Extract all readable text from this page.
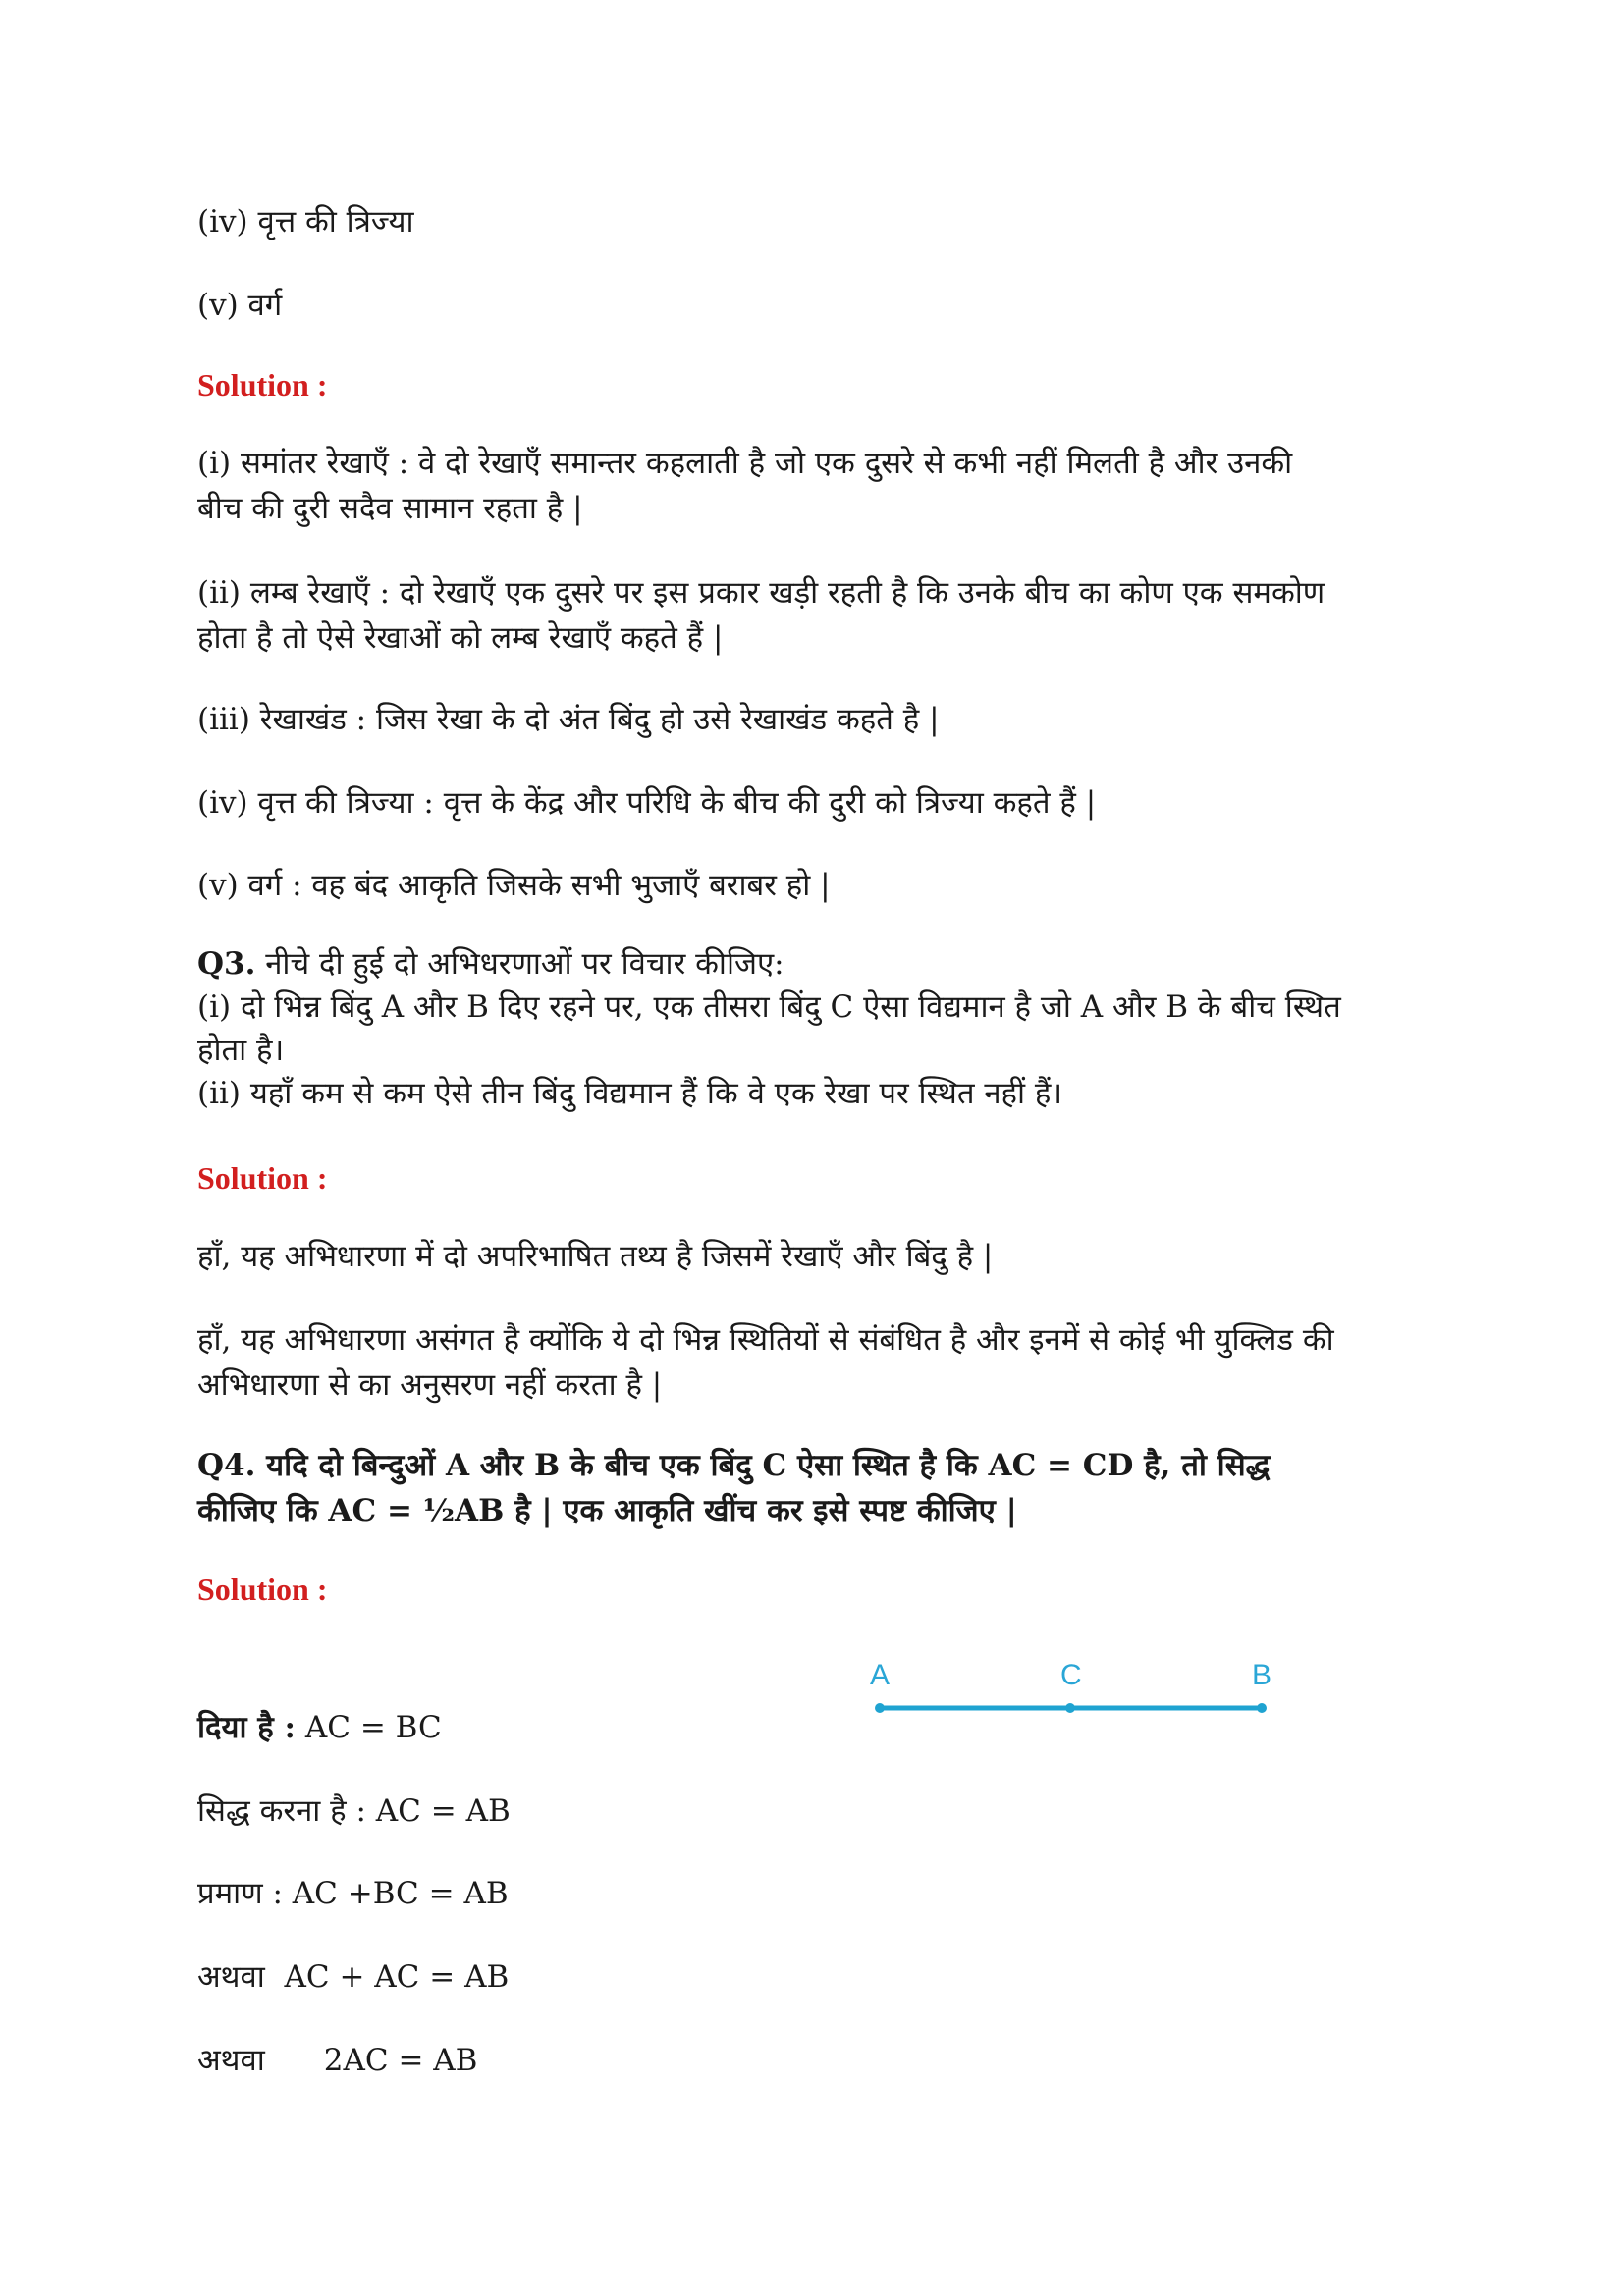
(iv) वृत्त की त्रिज्या
(v) वर्ग
Solution :
(i) समांतर रेखाएँ : वे दो रेखाएँ समान्तर कहलाती है जो एक दुसरे से कभी नहीं मिलती है और उनकी
बीच की दुरी सदैव सामान रहता है |
(ii) लम्ब रेखाएँ : दो रेखाएँ एक दुसरे पर इस प्रकार खड़ी रहती है कि उनके बीच का कोण एक समकोण
होता है तो ऐसे रेखाओं को लम्ब रेखाएँ कहते हैं |
(iii) रेखाखंड : जिस रेखा के दो अंत बिंदु हो उसे रेखाखंड कहते है |
(iv) वृत्त की त्रिज्या : वृत्त के केंद्र और परिधि के बीच की दुरी को त्रिज्या कहते हैं |
(v) वर्ग : वह बंद आकृति जिसके सभी भुजाएँ बराबर हो |
Q3. नीचे दी हुई दो अभिधरणाओं पर विचार कीजिए:
(i) दो भिन्न बिंदु A और B दिए रहने पर, एक तीसरा बिंदु C ऐसा विद्यमान है जो A और B के बीच स्थित
होता है।
(ii) यहाँ कम से कम ऐसे तीन बिंदु विद्यमान हैं कि वे एक रेखा पर स्थित नहीं हैं।
Solution :
हाँ, यह अभिधारणा में दो अपरिभाषित तथ्य है जिसमें रेखाएँ और बिंदु है |
हाँ, यह अभिधारणा असंगत है क्योंकि ये दो भिन्न स्थितियों से संबंधित है और इनमें से कोई भी युक्लिड की
अभिधारणा से का अनुसरण नहीं करता है |
Q4. यदि दो बिन्दुओं A और B के बीच एक बिंदु C ऐसा स्थित है कि AC = CD है, तो सिद्ध
कीजिए कि AC = ½AB है | एक आकृति खींच कर इसे स्पष्ट कीजिए |
Solution :
A	C	B
दिया है : AC = BC
सिद्ध करना है : AC = AB
प्रमाण : AC +BC = AB
अथवा AC + AC = AB
अथवा 2AC = AB
